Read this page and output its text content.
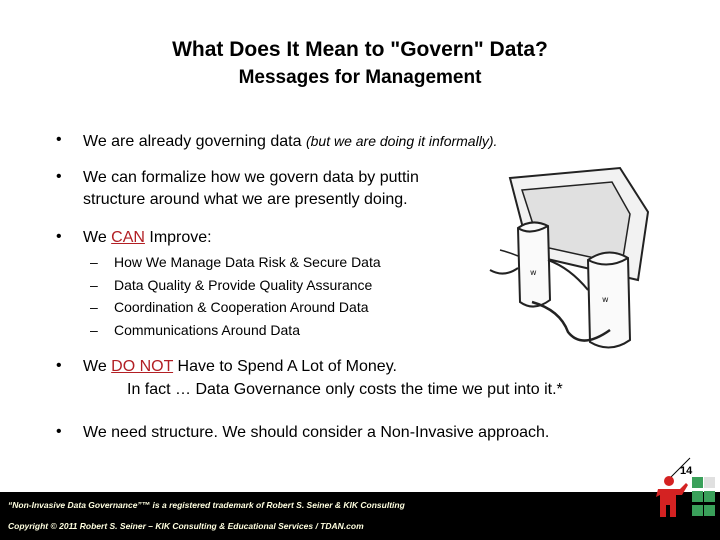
What Does It Mean to "Govern" Data?
Messages for Management
w
w
• We are already governing data (but we are doing it informally).
• We can formalize how we govern data by puttin
structure around what we are presently doing.
• We CAN Improve:
– How We Manage Data Risk & Secure Data
– Data Quality & Provide Quality Assurance
– Coordination & Cooperation Around Data
– Communications Around Data
• We DO NOT Have to Spend A Lot of Money.
In fact … Data Governance only costs the time we put into it.*
• We need structure. We should consider a Non-Invasive approach.
14
“Non-Invasive Data Governance”™ is a registered trademark of Robert S. Seiner & KIK Consulting
Copyright © 2011 Robert S. Seiner – KIK Consulting & Educational Services / TDAN.com
